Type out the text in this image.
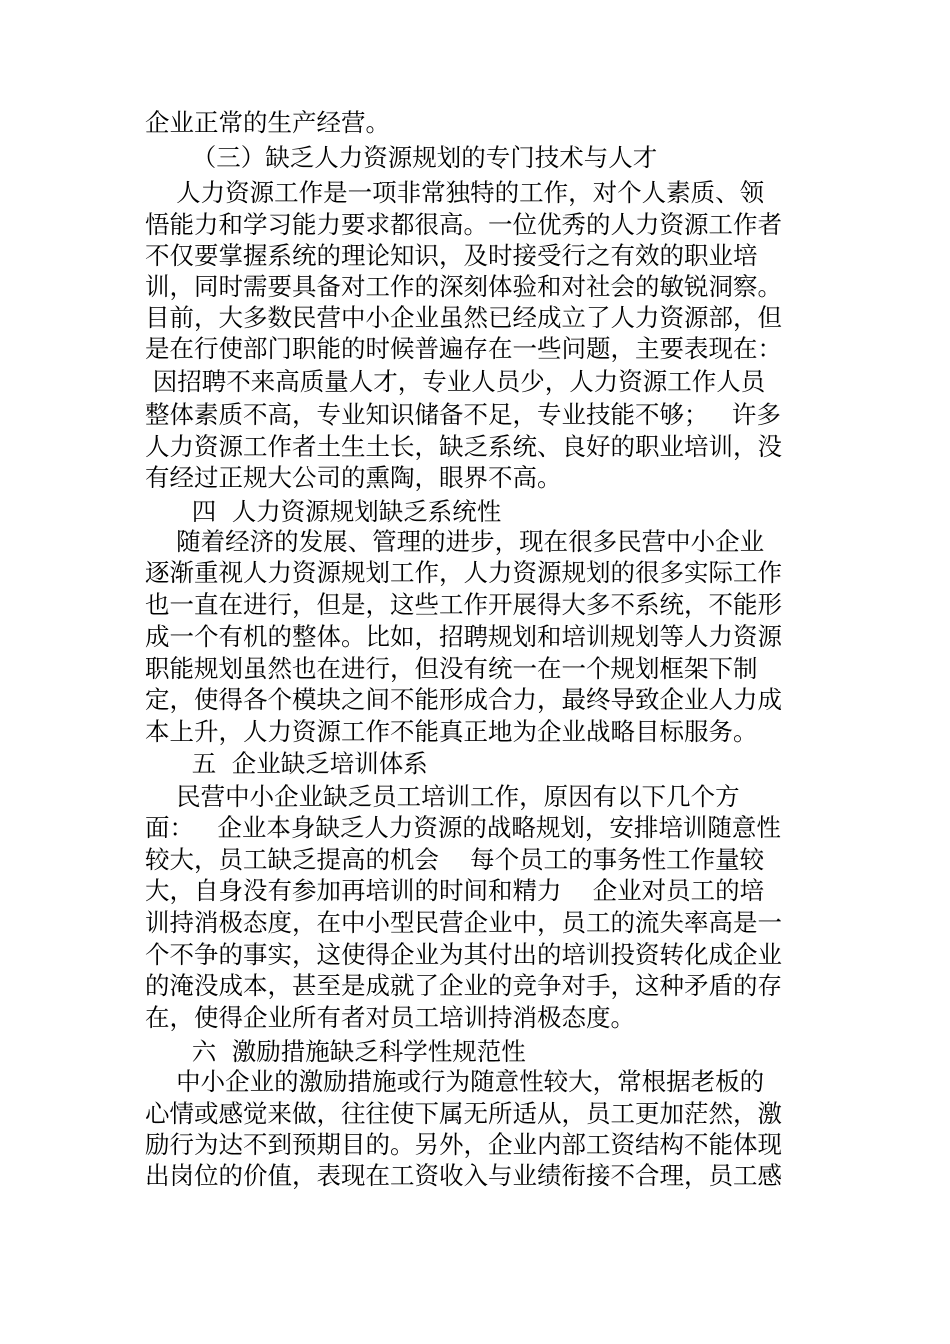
企业正常的生产经营。
（三）缺乏人力资源规划的专门技术与人才
人力资源工作是一项非常独特的工作，对个人素质、领
悟能力和学习能力要求都很高。一位优秀的人力资源工作者
不仅要掌握系统的理论知识，及时接受行之有效的职业培
训，同时需要具备对工作的深刻体验和对社会的敏锐洞察。
目前，大多数民营中小企业虽然已经成立了人力资源部，但
是在行使部门职能的时候普遍存在一些问题，主要表现在：
因招聘不来高质量人才，专业人员少，人力资源工作人员
整体素质不高，专业知识储备不足，专业技能不够；   许多
人力资源工作者土生土长，缺乏系统、良好的职业培训，没
有经过正规大公司的熏陶，眼界不高。
四  人力资源规划缺乏系统性
随着经济的发展、管理的进步，现在很多民营中小企业
逐渐重视人力资源规划工作，人力资源规划的很多实际工作
也一直在进行，但是，这些工作开展得大多不系统，不能形
成一个有机的整体。比如，招聘规划和培训规划等人力资源
职能规划虽然也在进行，但没有统一在一个规划框架下制
定，使得各个模块之间不能形成合力，最终导致企业人力成
本上升，人力资源工作不能真正地为企业战略目标服务。
五  企业缺乏培训体系
民营中小企业缺乏员工培训工作，原因有以下几个方
面：   企业本身缺乏人力资源的战略规划，安排培训随意性
较大，员工缺乏提高的机会    每个员工的事务性工作量较
大，自身没有参加再培训的时间和精力    企业对员工的培
训持消极态度，在中小型民营企业中，员工的流失率高是一
个不争的事实，这使得企业为其付出的培训投资转化成企业
的淹没成本，甚至是成就了企业的竞争对手，这种矛盾的存
在，使得企业所有者对员工培训持消极态度。
六  激励措施缺乏科学性规范性
中小企业的激励措施或行为随意性较大，常根据老板的
心情或感觉来做，往往使下属无所适从，员工更加茫然，激
励行为达不到预期目的。另外，企业内部工资结构不能体现
出岗位的价值，表现在工资收入与业绩衔接不合理，员工感
